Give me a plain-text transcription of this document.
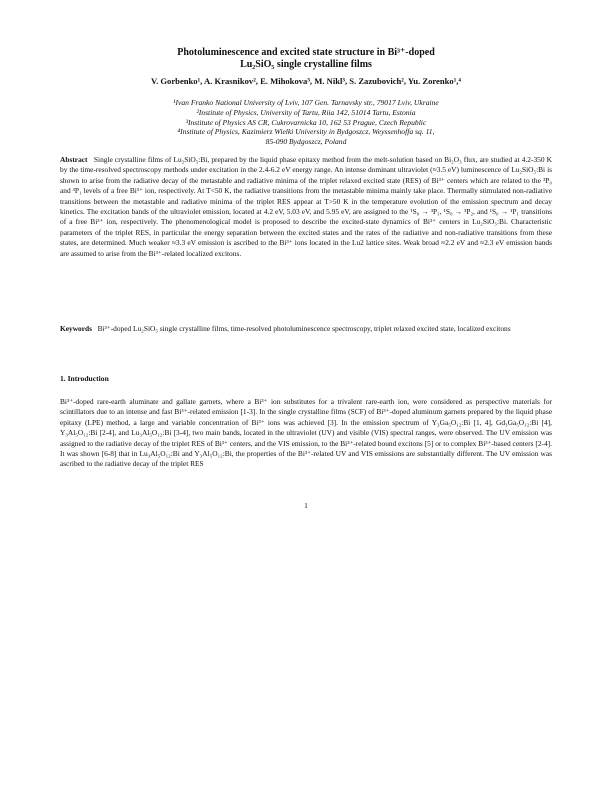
Photoluminescence and excited state structure in Bi³⁺-doped
Lu₂SiO₅ single crystalline films
V. Gorbenko¹, A. Krasnikov², E. Mihokova³, M. Nikl³, S. Zazubovich², Yu. Zorenko¹,⁴
¹Ivan Franko National University of Lviv, 107 Gen. Tarnavsky str., 79017 Lviv, Ukraine
²Institute of Physics, University of Tartu, Riia 142, 51014 Tartu, Estonia
³Institute of Physics AS CR, Cukrovarnicka 10, 162 53 Prague, Czech Republic
⁴Institute of Physics, Kazimierz Wielki University in Bydgoszcz, Weyssenhoffa sq. 11,
85-090 Bydgoszcz, Poland
Abstract Single crystalline films of Lu₂SiO₅:Bi, prepared by the liquid phase epitaxy method from the melt-solution based on Bi₂O₃ flux, are studied at 4.2-350 K by the time-resolved spectroscopy methods under excitation in the 2.4-6.2 eV energy range. An intense dominant ultraviolet (≈3.5 eV) luminescence of Lu₂SiO₅:Bi is shown to arise from the radiative decay of the metastable and radiative minima of the triplet relaxed excited state (RES) of Bi³⁺ centers which are related to the ³P₀ and ³P₁ levels of a free Bi³⁺ ion, respectively. At T<50 K, the radiative transitions from the metastable minima mainly take place. Thermally stimulated non-radiative transitions between the metastable and radiative minima of the triplet RES appear at T>50 K in the temperature evolution of the emission spectrum and decay kinetics. The excitation bands of the ultraviolet emission, located at 4.2 eV, 5.03 eV, and 5.95 eV, are assigned to the ¹S₀ → ³P₁, ¹S₀ → ³P₂, and ¹S₀ → ¹P₁ transitions of a free Bi³⁺ ion, respectively. The phenomenological model is proposed to describe the excited-state dynamics of Bi³⁺ centers in Lu₂SiO₅:Bi. Characteristic parameters of the triplet RES, in particular the energy separation between the excited states and the rates of the radiative and non-radiative transitions from these states, are determined. Much weaker ≈3.3 eV emission is ascribed to the Bi³⁺ ions located in the Lu2 lattice sites. Weak broad ≈2.2 eV and ≈2.3 eV emission bands are assumed to arise from the Bi³⁺-related localized excitons.
Keywords Bi³⁺-doped Lu₂SiO₅ single crystalline films, time-resolved photoluminescence spectroscopy, triplet relaxed excited state, localized excitons
1. Introduction
Bi³⁺-doped rare-earth aluminate and gallate garnets, where a Bi³⁺ ion substitutes for a trivalent rare-earth ion, were considered as perspective materials for scintillators due to an intense and fast Bi³⁺-related emission [1-3]. In the single crystalline films (SCF) of Bi³⁺-doped aluminum garnets prepared by the liquid phase epitaxy (LPE) method, a large and variable concentration of Bi³⁺ ions was achieved [3]. In the emission spectrum of Y₃Ga₅O₁₂:Bi [1, 4], Gd₃Ga₅O₁₂:Bi [4], Y₃Al₅O₁₂:Bi [2-4], and Lu₃Al₅O₁₂:Bi [3-4], two main bands, located in the ultraviolet (UV) and visible (VIS) spectral ranges, were observed. The UV emission was assigned to the radiative decay of the triplet RES of Bi³⁺ centers, and the VIS emission, to the Bi³⁺-related bound excitons [5] or to complex Bi³⁺-based centers [2-4]. It was shown [6-8] that in Lu₃Al₅O₁₂:Bi and Y₃Al₅O₁₂:Bi, the properties of the Bi³⁺-related UV and VIS emissions are substantially different. The UV emission was ascribed to the radiative decay of the triplet RES
1
